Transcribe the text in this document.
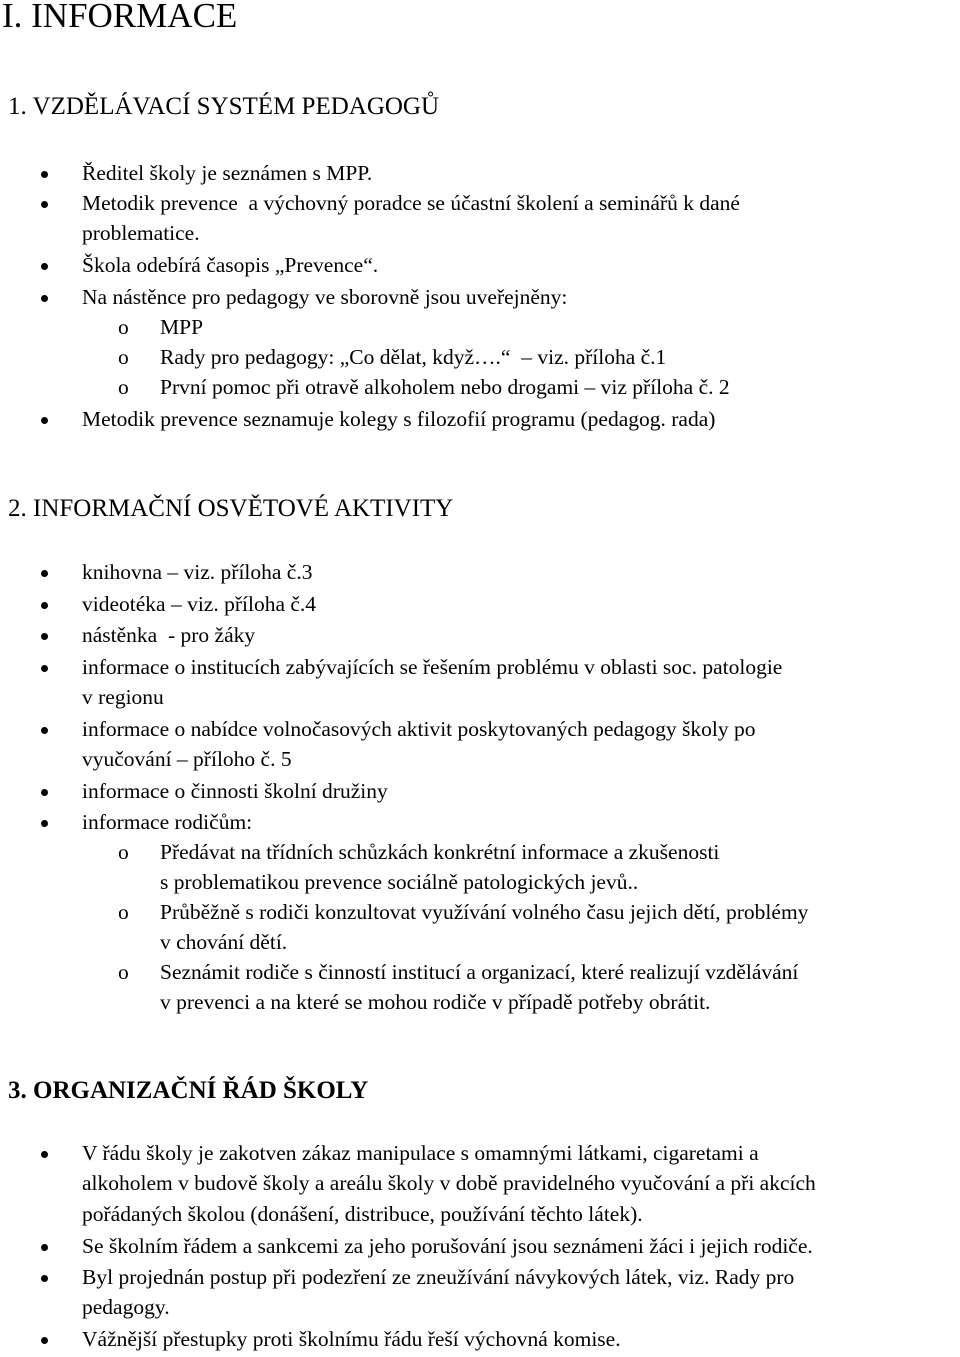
I. INFORMACE
1. VZDĚLÁVACÍ SYSTÉM PEDAGOGŮ
Ředitel školy je seznámen s MPP.
Metodik prevence  a výchovný poradce se účastní školení a seminářů k dané
problematice.
Škola odebírá časopis „Prevence“.
Na nástěnce pro pedagogy ve sborovně jsou uveřejněny:
o MPP
o Rady pro pedagogy: „Co dělat, když….“  – viz. příloha č.1
o První pomoc při otravě alkoholem nebo drogami – viz příloha č. 2
Metodik prevence seznamuje kolegy s filozofií programu (pedagog. rada)
2. INFORMAČNÍ OSVĚTOVÉ AKTIVITY
knihovna – viz. příloha č.3
videotéka – viz. příloha č.4
nástěnka  - pro žáky
informace o institucích zabývajících se řešením problému v oblasti soc. patologie
v regionu
informace o nabídce volnočasových aktivit poskytovaných pedagogy školy po
vyučování – příloho č. 5
informace o činnosti školní družiny
informace rodičům:
o Předávat na třídních schůzkách konkrétní informace a zkušenosti
s problematikou prevence sociálně patologických jevů..
o Průběžně s rodiči konzultovat využívání volného času jejich dětí, problémy
v chování dětí.
o Seznámit rodiče s činností institucí a organizací, které realizují vzdělávání
v prevenci a na které se mohou rodiče v případě potřeby obrátit.
3. ORGANIZAČNÍ ŘÁD ŠKOLY
V řádu školy je zakotven zákaz manipulace s omamnými látkami, cigaretami a
alkoholem v budově školy a areálu školy v době pravidelného vyučování a při akcích
pořádaných školou (donášení, distribuce, používání těchto látek).
Se školním řádem a sankcemi za jeho porušování jsou seznámeni žáci i jejich rodiče.
Byl projednán postup při podezření ze zneužívání návykových látek, viz. Rady pro
pedagogy.
Vážnější přestupky proti školnímu řádu řeší výchovná komise.
